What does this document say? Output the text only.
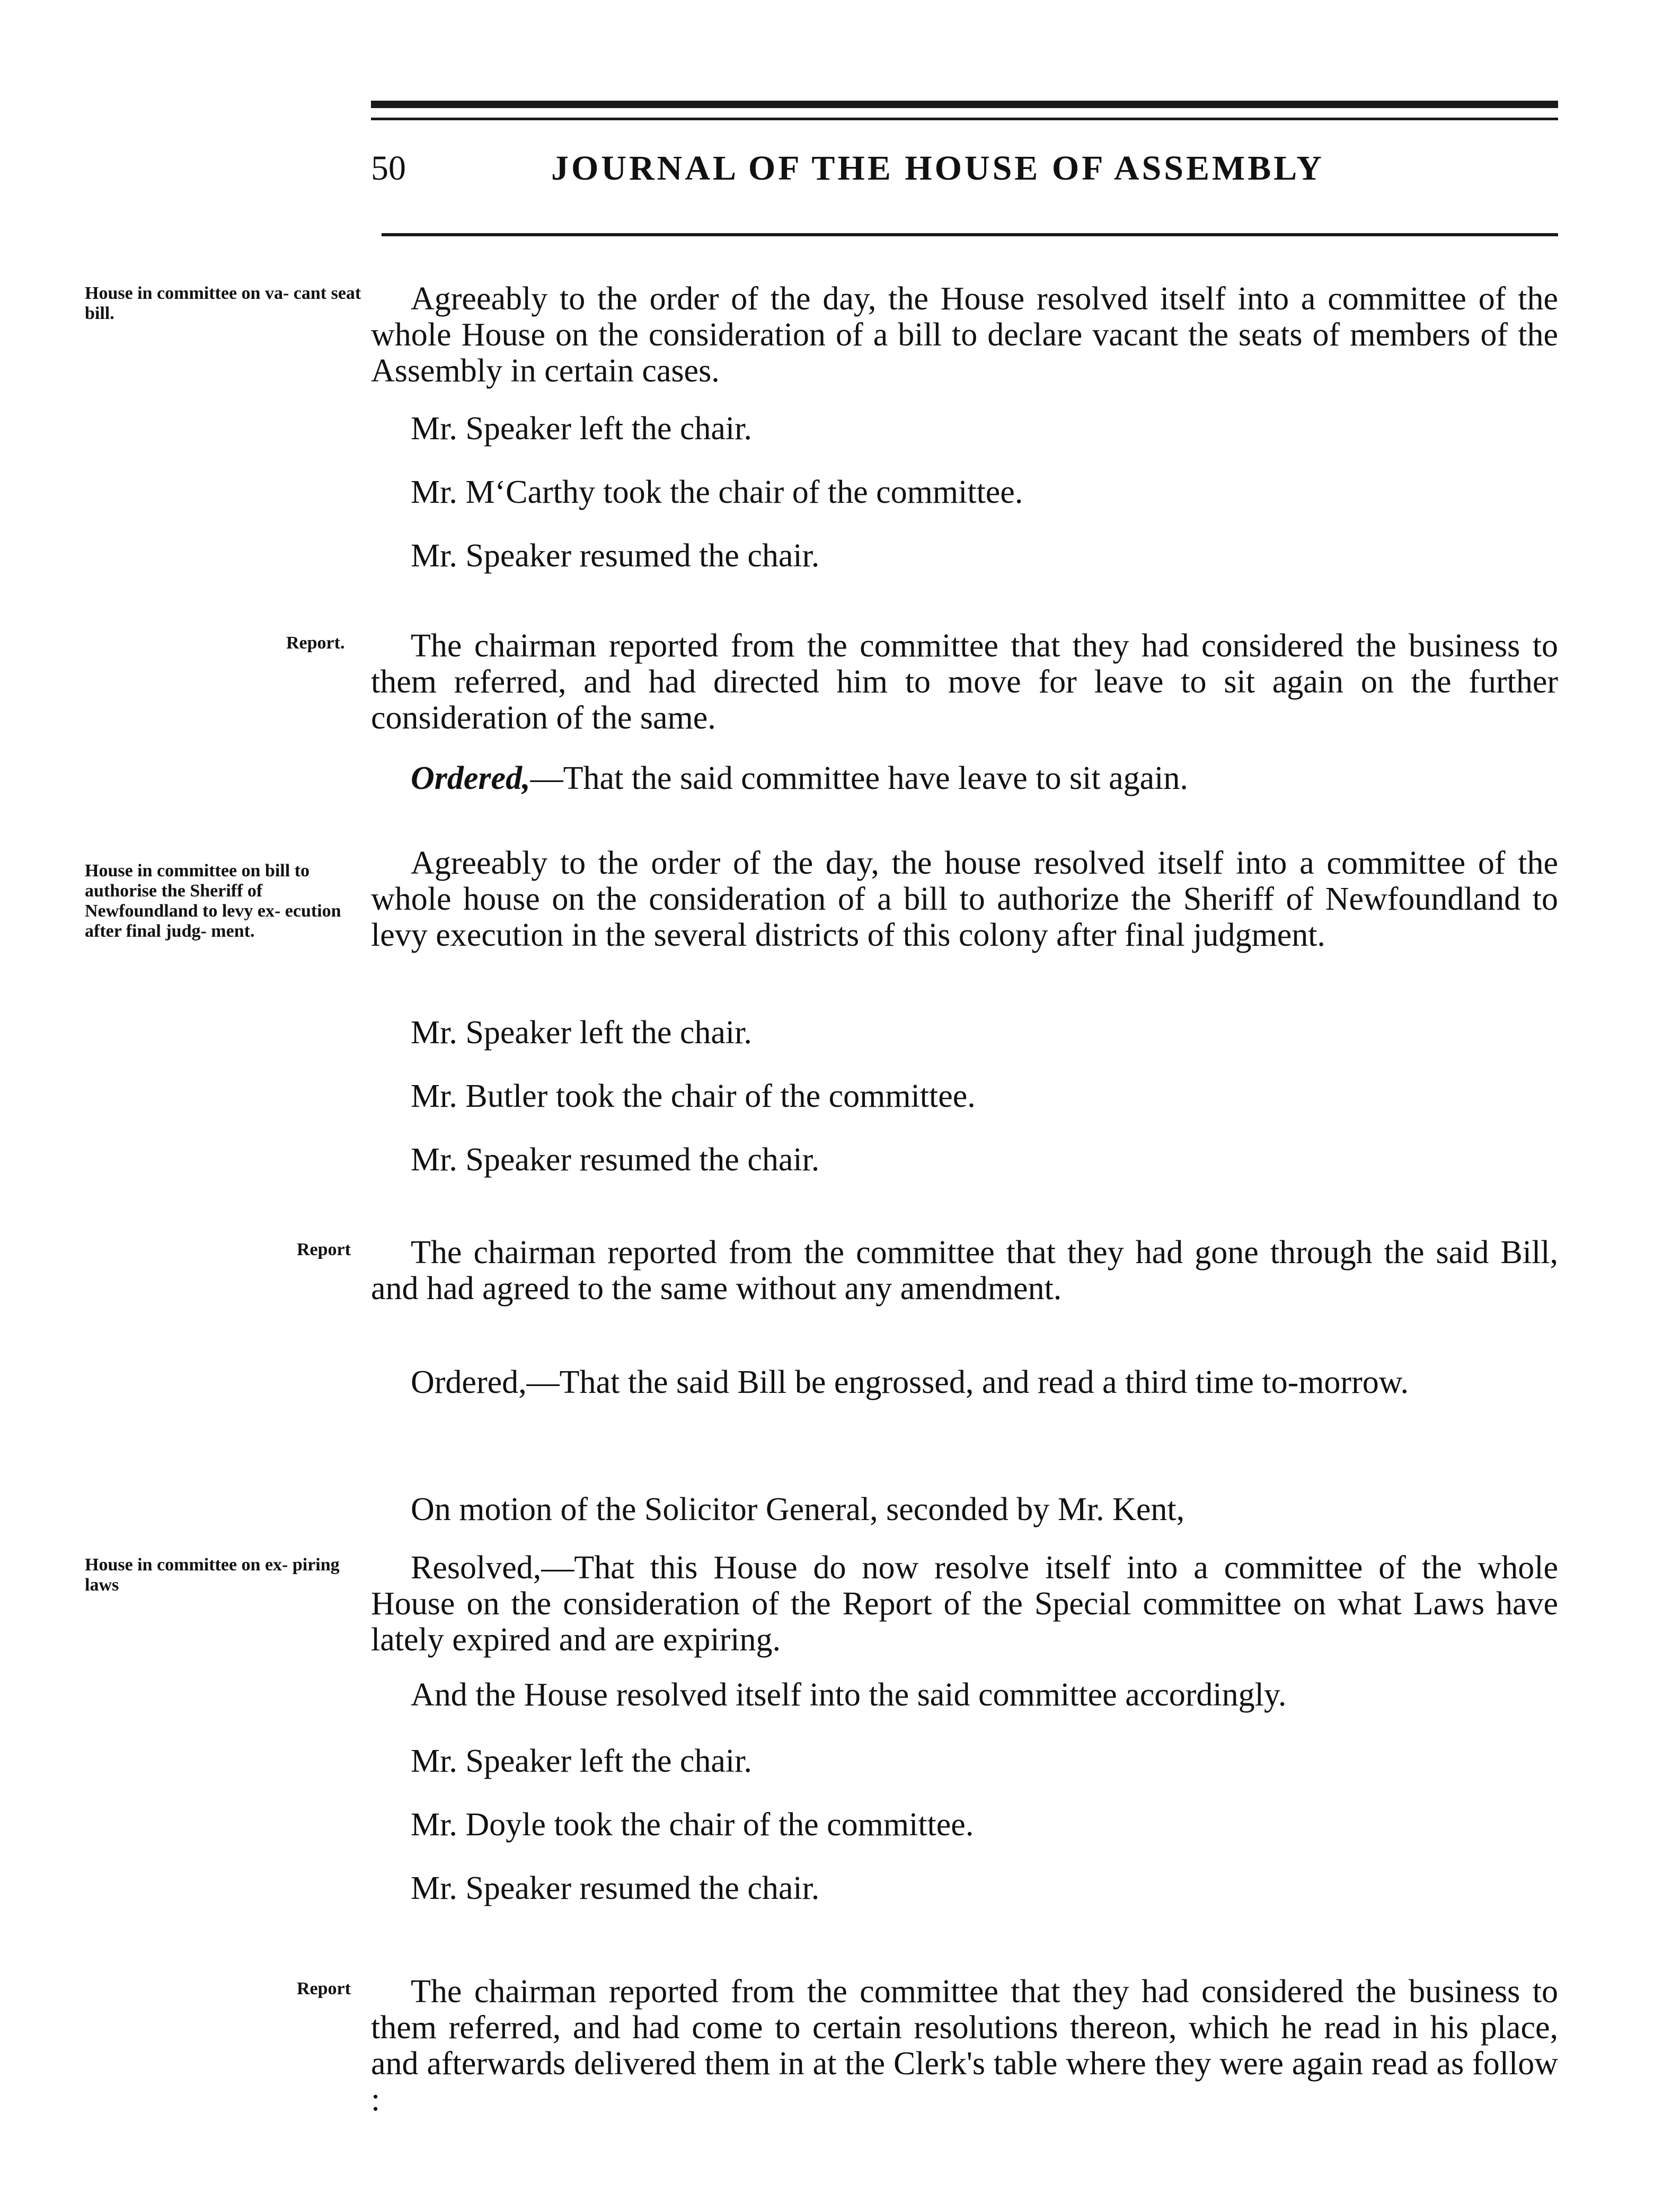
50	JOURNAL OF THE HOUSE OF ASSEMBLY
House in committee on va- cant seat bill.	Agreeably to the order of the day, the House resolved itself into a committee of the whole House on the consideration of a bill to declare vacant the seats of members of the Assembly in certain cases.

Mr. Speaker left the chair.

Mr. M‘Carthy took the chair of the committee.

Mr. Speaker resumed the chair.

Report.	The chairman reported from the committee that they had considered the business to them referred, and had directed him to move for leave to sit again on the further consideration of the same.

Ordered,—That the said committee have leave to sit again.

House in committee on bill to authorise the Sheriff of Newfoundland to levy ex- ecution after final judg- ment.

Agreeably to the order of the day, the house resolved itself into a committee of the whole house on the consideration of a bill to authorize the Sheriff of Newfoundland to levy execution in the several districts of this colony after final judgment.

Mr. Speaker left the chair.

Mr. Butler took the chair of the committee.

Mr. Speaker resumed the chair.

Report	The chairman reported from the committee that they had gone through the said Bill, and had agreed to the same without any amendment.

Ordered,—That the said Bill be engrossed, and read a third time to-morrow.

On motion of the Solicitor General, seconded by Mr. Kent,

House in committee on ex- piring laws	Resolved,—That this House do now resolve itself into a committee of the whole House on the consideration of the Report of the Special committee on what Laws have lately expired and are expiring.

And the House resolved itself into the said committee accordingly.

Mr. Speaker left the chair.

Mr. Doyle took the chair of the committee.

Mr. Speaker resumed the chair.

Report	The chairman reported from the committee that they had considered the business to them referred, and had come to certain resolutions thereon, which he read in his place, and afterwards delivered them in at the Clerk's table where they were again read as follow :
